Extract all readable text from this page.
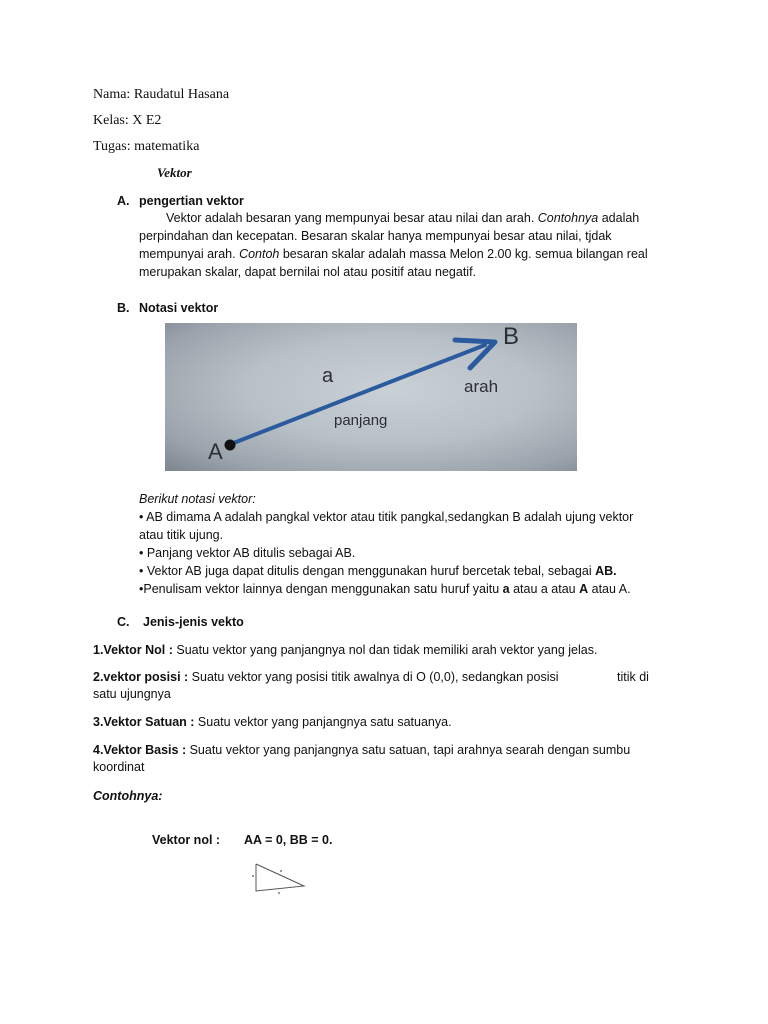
Nama: Raudatul Hasana
Kelas: X E2
Tugas: matematika
Vektor
A. pengertian vektor
Vektor adalah besaran yang mempunyai besar atau nilai dan arah. Contohnya adalah perpindahan dan kecepatan. Besaran skalar hanya mempunyai besar atau nilai, tjdak mempunyai arah. Contoh besaran skalar adalah massa Melon 2.00 kg. semua bilangan real merupakan skalar, dapat bernilai nol atau positif atau negatif.
B. Notasi vektor
a	arah
panjang
A
B
Berikut notasi vektor:
• AB dimama A adalah pangkal vektor atau titik pangkal,sedangkan B adalah ujung vektor
atau titik ujung.
• Panjang vektor AB ditulis sebagai AB.
• Vektor AB juga dapat ditulis dengan menggunakan huruf bercetak tebal, sebagai AB.
•Penulisam vektor lainnya dengan menggunakan satu huruf yaitu a atau a atau A atau A.
C. Jenis-jenis vekto
1.Vektor Nol : Suatu vektor yang panjangnya nol dan tidak memiliki arah vektor yang jelas.
2.vektor posisi : Suatu vektor yang posisi titik awalnya di O (0,0), sedangkan posisi	titik di
satu ujungnya
3.Vektor Satuan : Suatu vektor yang panjangnya satu satuanya.
4.Vektor Basis : Suatu vektor yang panjangnya satu satuan, tapi arahnya searah dengan sumbu
koordinat
Contohnya:
Vektor nol : AA = 0, BB = 0.
